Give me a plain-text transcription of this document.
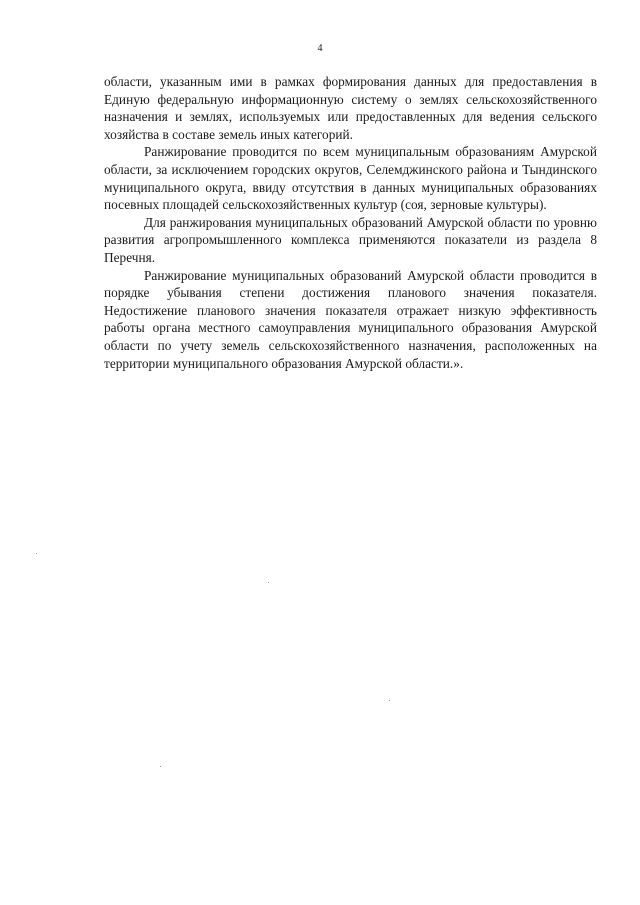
4

области, указанным ими в рамках формирования данных для предоставления в Единую федеральную информационную систему о землях сельскохозяйственного назначения и землях, используемых или предоставленных для ведения сельского хозяйства в составе земель иных категорий.

Ранжирование проводится по всем муниципальным образованиям Амурской области, за исключением городских округов, Селемджинского района и Тындинского муниципального округа, ввиду отсутствия в данных муниципальных образованиях посевных площадей сельскохозяйственных культур (соя, зерновые культуры).

Для ранжирования муниципальных образований Амурской области по уровню развития агропромышленного комплекса применяются показатели из раздела 8 Перечня.

Ранжирование муниципальных образований Амурской области проводится в порядке убывания степени достижения планового значения показателя. Недостижение планового значения показателя отражает низкую эффективность работы органа местного самоуправления муниципального образования Амурской области по учету земель сельскохозяйственного назначения, расположенных на территории муниципального образования Амурской области.».
